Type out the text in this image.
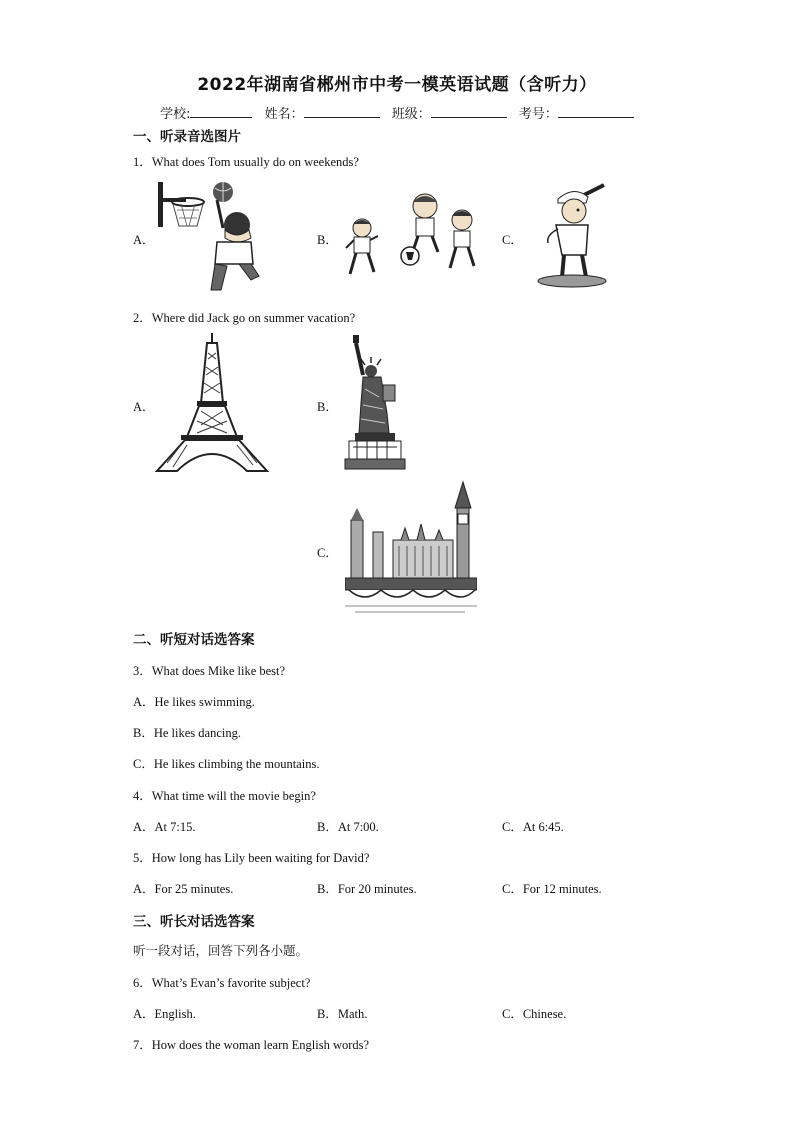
2022年湖南省郴州市中考一模英语试题（含听力）
学校:	姓名：	班级：	考号：
一、听录音选图片
1．What does Tom usually do on weekends?
A．	B．	C．
2．Where did Jack go on summer vacation?
A．	B．
C．
二、听短对话选答案
3．What does Mike like best?
A．He likes swimming.
B．He likes dancing.
C．He likes climbing the mountains.
4．What time will the movie begin?
A．At 7:15.	B．At 7:00.	C．At 6:45.
5．How long has Lily been waiting for David?
A．For 25 minutes.	B．For 20 minutes.	C．For 12 minutes.
三、听长对话选答案
听一段对话，回答下列各小题。
6．What’s Evan’s favorite subject?
A．English.	B．Math.	C．Chinese.
7．How does the woman learn English words?
